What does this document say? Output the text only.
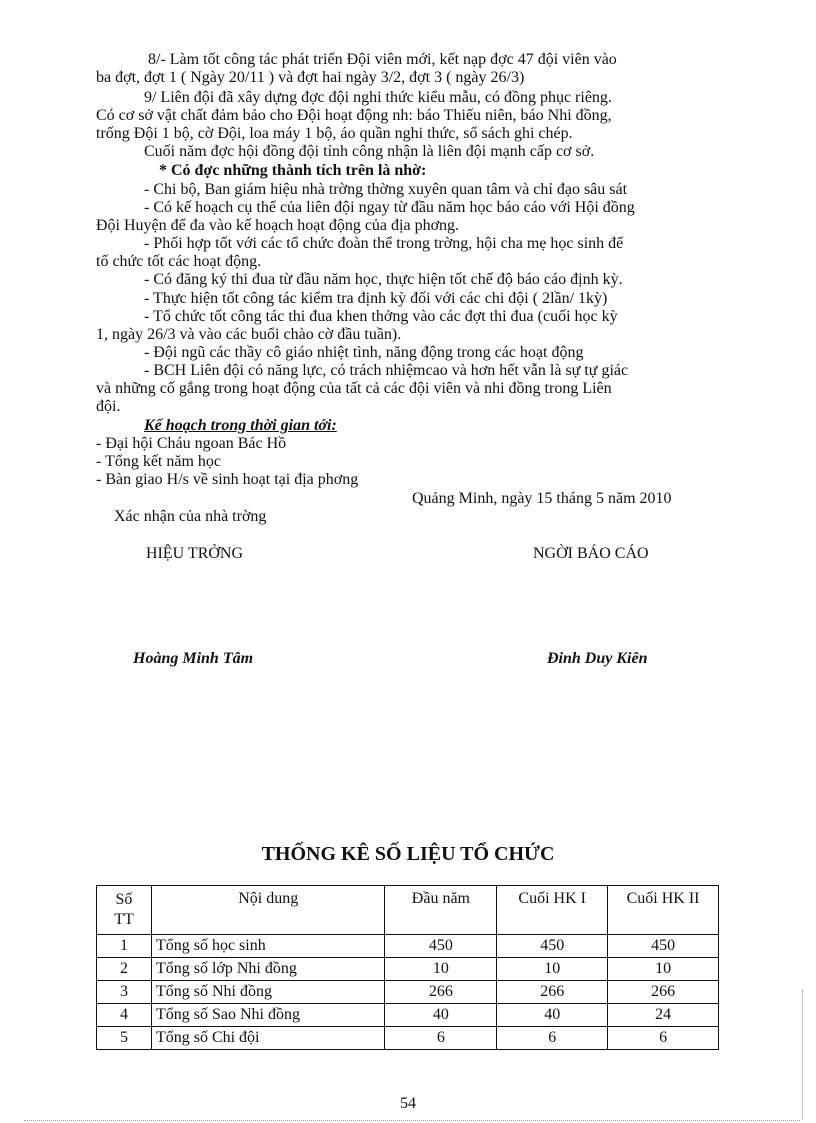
8/- Làm tốt công tác phát triển Đội viên mới, kết nạp đợc 47 đội viên vào
ba đợt, đợt 1 ( Ngày 20/11 ) và đợt hai ngày 3/2, đợt 3 ( ngày 26/3)
9/ Liên đội đã xây dựng đợc đội nghi thức kiểu mẫu, có đồng phục riêng.
Có cơ sở vật chất đảm bảo cho Đội hoạt động nh: báo Thiếu niên, báo Nhi đồng,
trống Đội 1 bộ, cờ Đội, loa máy 1 bộ, áo quần nghi thức, sổ sách ghi chép.
Cuối năm đợc hội đồng đội tỉnh công nhận là liên đội mạnh cấp cơ sở.
* Có đợc những thành tích trên là nhờ:
- Chi bộ, Ban giám hiệu nhà trờng thờng xuyên quan tâm và chỉ đạo sâu sát
- Có kế hoạch cụ thể của liên đội ngay từ đầu năm học báo cáo với Hội đồng
Đội Huyện để đa vào kế hoạch hoạt động của địa phơng.
- Phối hợp tốt với các tổ chức đoàn thể trong trờng, hội cha mẹ học sinh để
tổ chức tốt các hoạt động.
- Có đăng ký thi đua từ đầu năm học, thực hiện tốt chế độ báo cáo định kỳ.
- Thực hiện tốt công tác kiểm tra định kỳ đối với các chi đội ( 2lần/ 1kỳ)
- Tổ chức tốt công tác thi đua khen thởng vào các đợt thi đua (cuối học kỳ
1, ngày 26/3 và vào các buổi chào cờ đầu tuần).
- Đội ngũ các thầy cô giáo nhiệt tình, năng động trong các hoạt động
- BCH Liên đội có năng lực, có trách nhiệmcao và hơn hết vẫn là sự tự giác
và những cố gắng trong hoạt động của tất cả các đội viên và nhi đồng trong Liên
đội.
Kế hoạch trong thời gian tới:
- Đại hội Cháu ngoan Bác Hồ
- Tổng kết năm học
- Bàn giao H/s về sinh hoạt tại địa phơng
Quảng Minh, ngày 15 tháng 5 năm 2010
Xác nhận của nhà trờng
HIỆU TRỞNG	NGỜI BÁO CÁO
Hoàng Minh Tâm	Đinh Duy Kiên
THỐNG KÊ SỐ LIỆU TỔ CHỨC
Số
TT	Nội dung	Đầu năm	Cuối HK I	Cuối HK II
1	Tổng số học sinh	450	450	450
2	Tổng số lớp Nhi đồng	10	10	10
3	Tổng số Nhi đồng	266	266	266
4	Tổng số Sao Nhi đồng	40	40	24
5	Tổng số Chi đội	6	6	6
54
